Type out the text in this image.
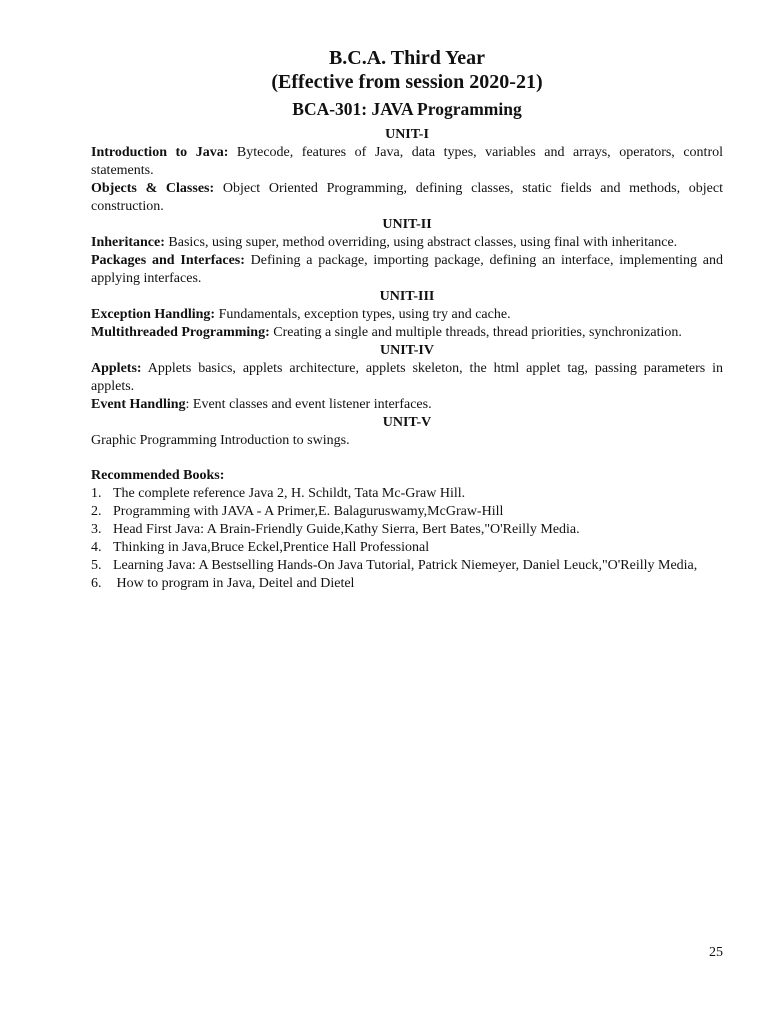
B.C.A. Third Year
(Effective from session 2020-21)
BCA-301: JAVA Programming
UNIT-I

Introduction to Java: Bytecode, features of Java, data types, variables and arrays, operators, control statements.

Objects & Classes: Object Oriented Programming, defining classes, static fields and methods, object construction.

UNIT-II

Inheritance: Basics, using super, method overriding, using abstract classes, using final with inheritance.

Packages and Interfaces: Defining a package, importing package, defining an interface, implementing and applying interfaces.

UNIT-III

Exception Handling: Fundamentals, exception types, using try and cache.

Multithreaded Programming: Creating a single and multiple threads, thread priorities, synchronization.

UNIT-IV

Applets: Applets basics, applets architecture, applets skeleton, the html applet tag, passing parameters in applets.

Event Handling: Event classes and event listener interfaces.

UNIT-V

Graphic Programming Introduction to swings.

Recommended Books:
1. The complete reference Java 2, H. Schildt, Tata Mc-Graw Hill.
2. Programming with JAVA - A Primer,E. Balaguruswamy,McGraw-Hill
3. Head First Java: A Brain-Friendly Guide,Kathy Sierra, Bert Bates,"O'Reilly Media.
4. Thinking in Java,Bruce Eckel,Prentice Hall Professional
5. Learning Java: A Bestselling Hands-On Java Tutorial, Patrick Niemeyer, Daniel Leuck,"O'Reilly Media,
6. How to program in Java, Deitel and Dietel
25
